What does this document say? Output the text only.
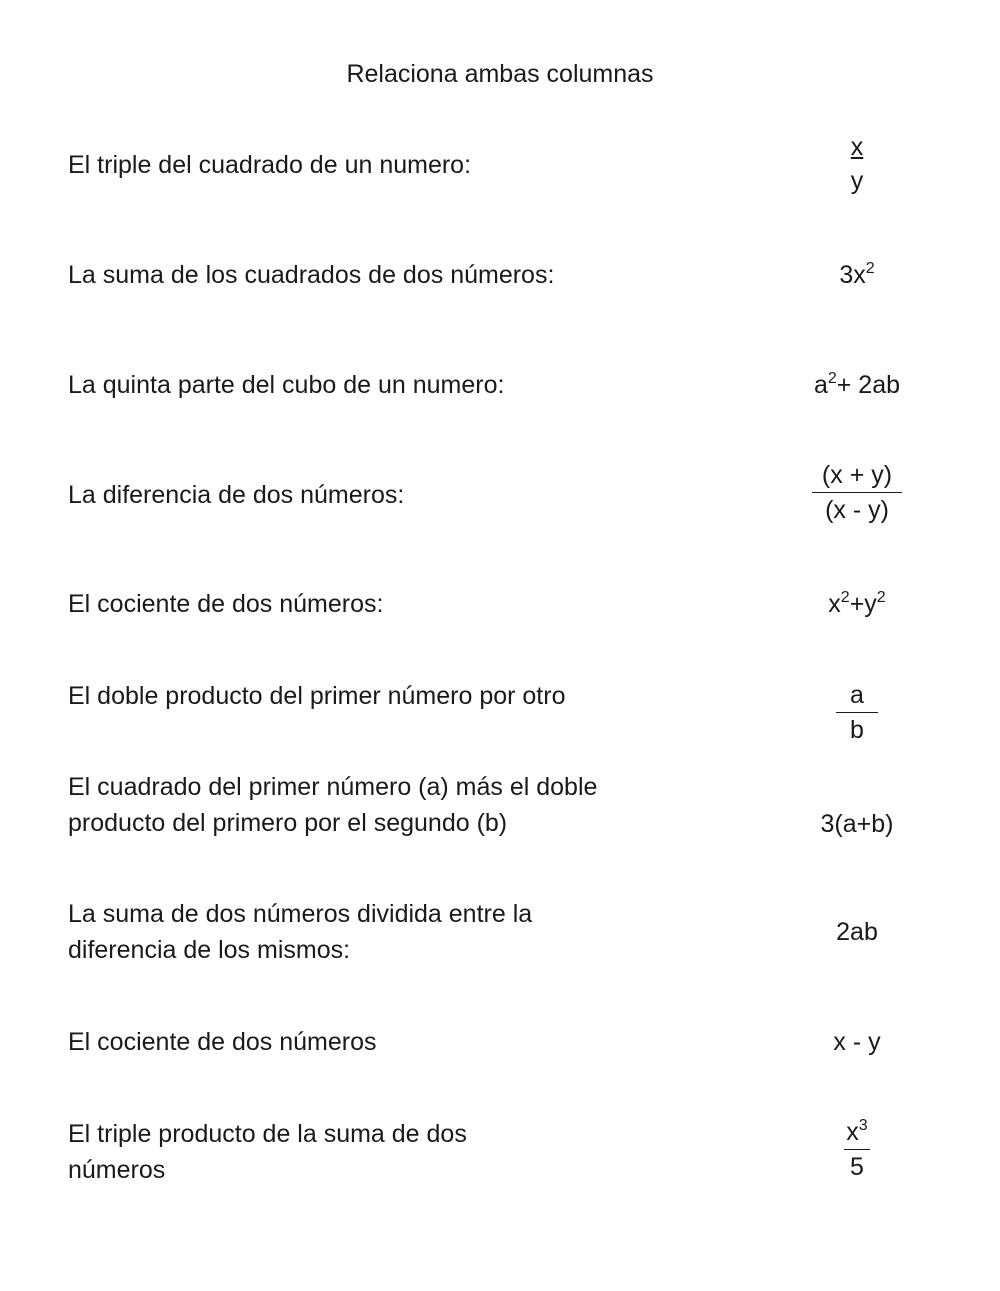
Relaciona ambas columnas
El triple del cuadrado de un numero:
La suma de los cuadrados de dos números:
La quinta parte del cubo de un numero:
La diferencia de dos números:
El cociente de dos números:
El doble producto del primer número por otro
El cuadrado del primer número (a) más el doble producto del primero por el segundo (b)
La suma de dos números dividida entre la diferencia de los mismos:
El cociente de dos números
El triple producto de la suma de dos números
x
y
$3x^2$
$a^2+ 2ab$
$\frac{(x + y)}{(x - y)}$
$x^2+y^2$
$\frac{a}{b}$
3(a+b)
2ab
x - y
$\frac{x^3}{5}$
